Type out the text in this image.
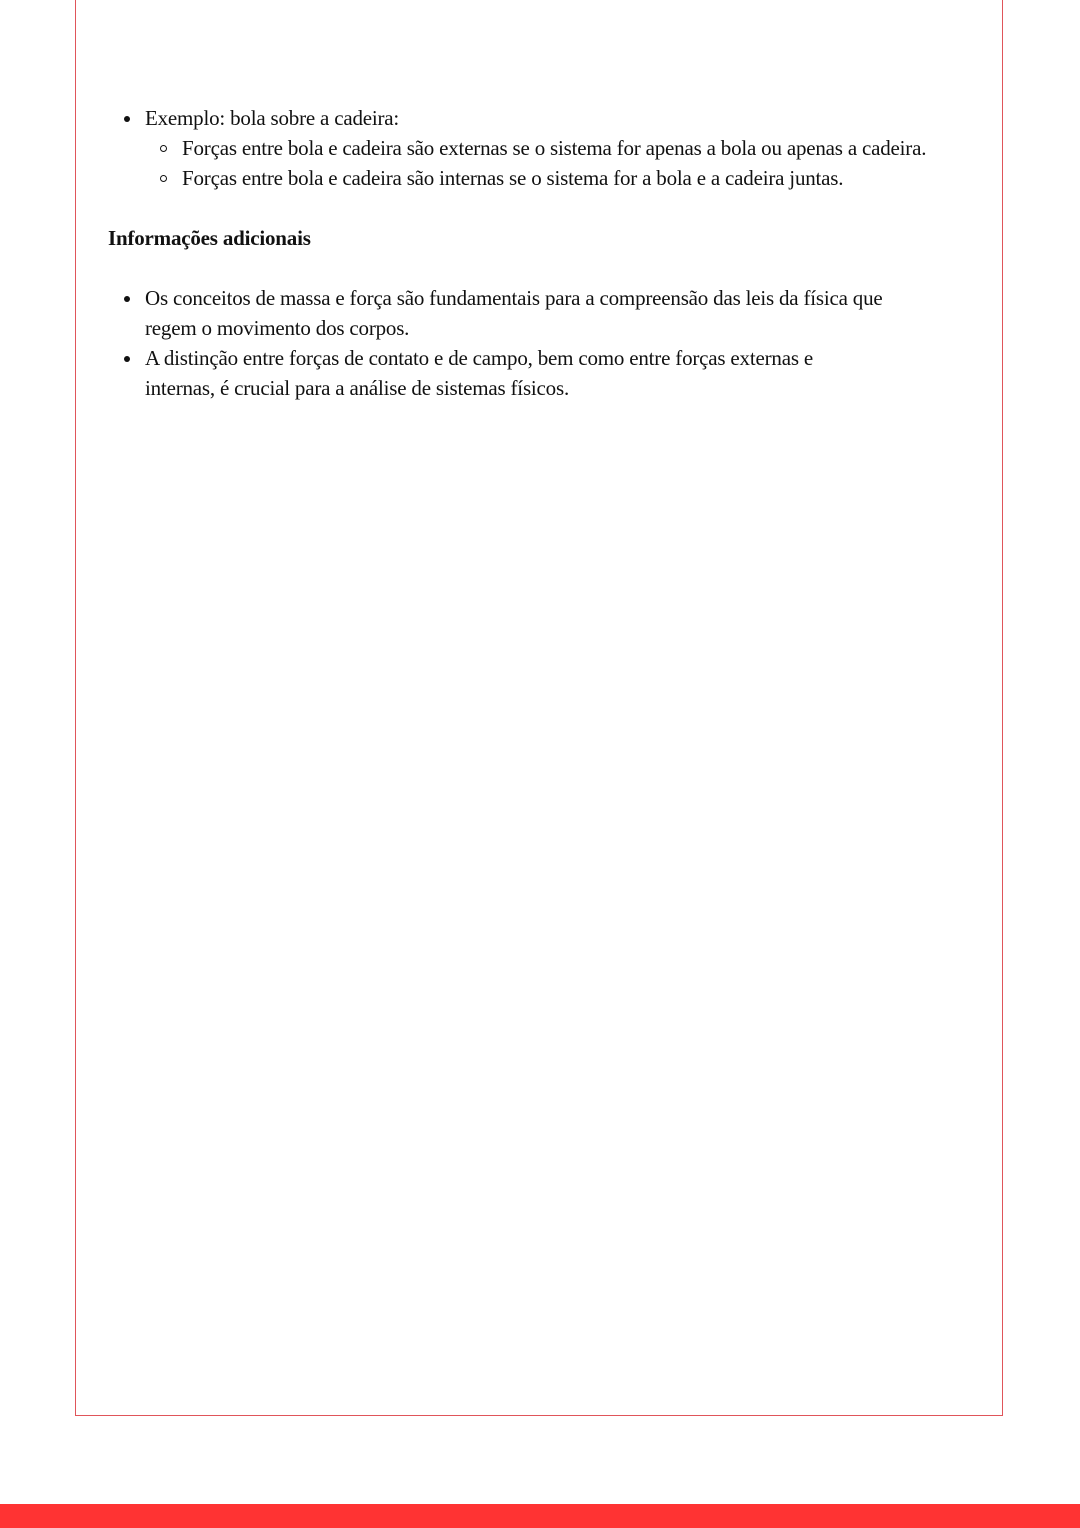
Exemplo: bola sobre a cadeira:
Forças entre bola e cadeira são externas se o sistema for apenas a bola ou apenas a cadeira.
Forças entre bola e cadeira são internas se o sistema for a bola e a cadeira juntas.
Informações adicionais
Os conceitos de massa e força são fundamentais para a compreensão das leis da física que regem o movimento dos corpos.
A distinção entre forças de contato e de campo, bem como entre forças externas e internas, é crucial para a análise de sistemas físicos.
